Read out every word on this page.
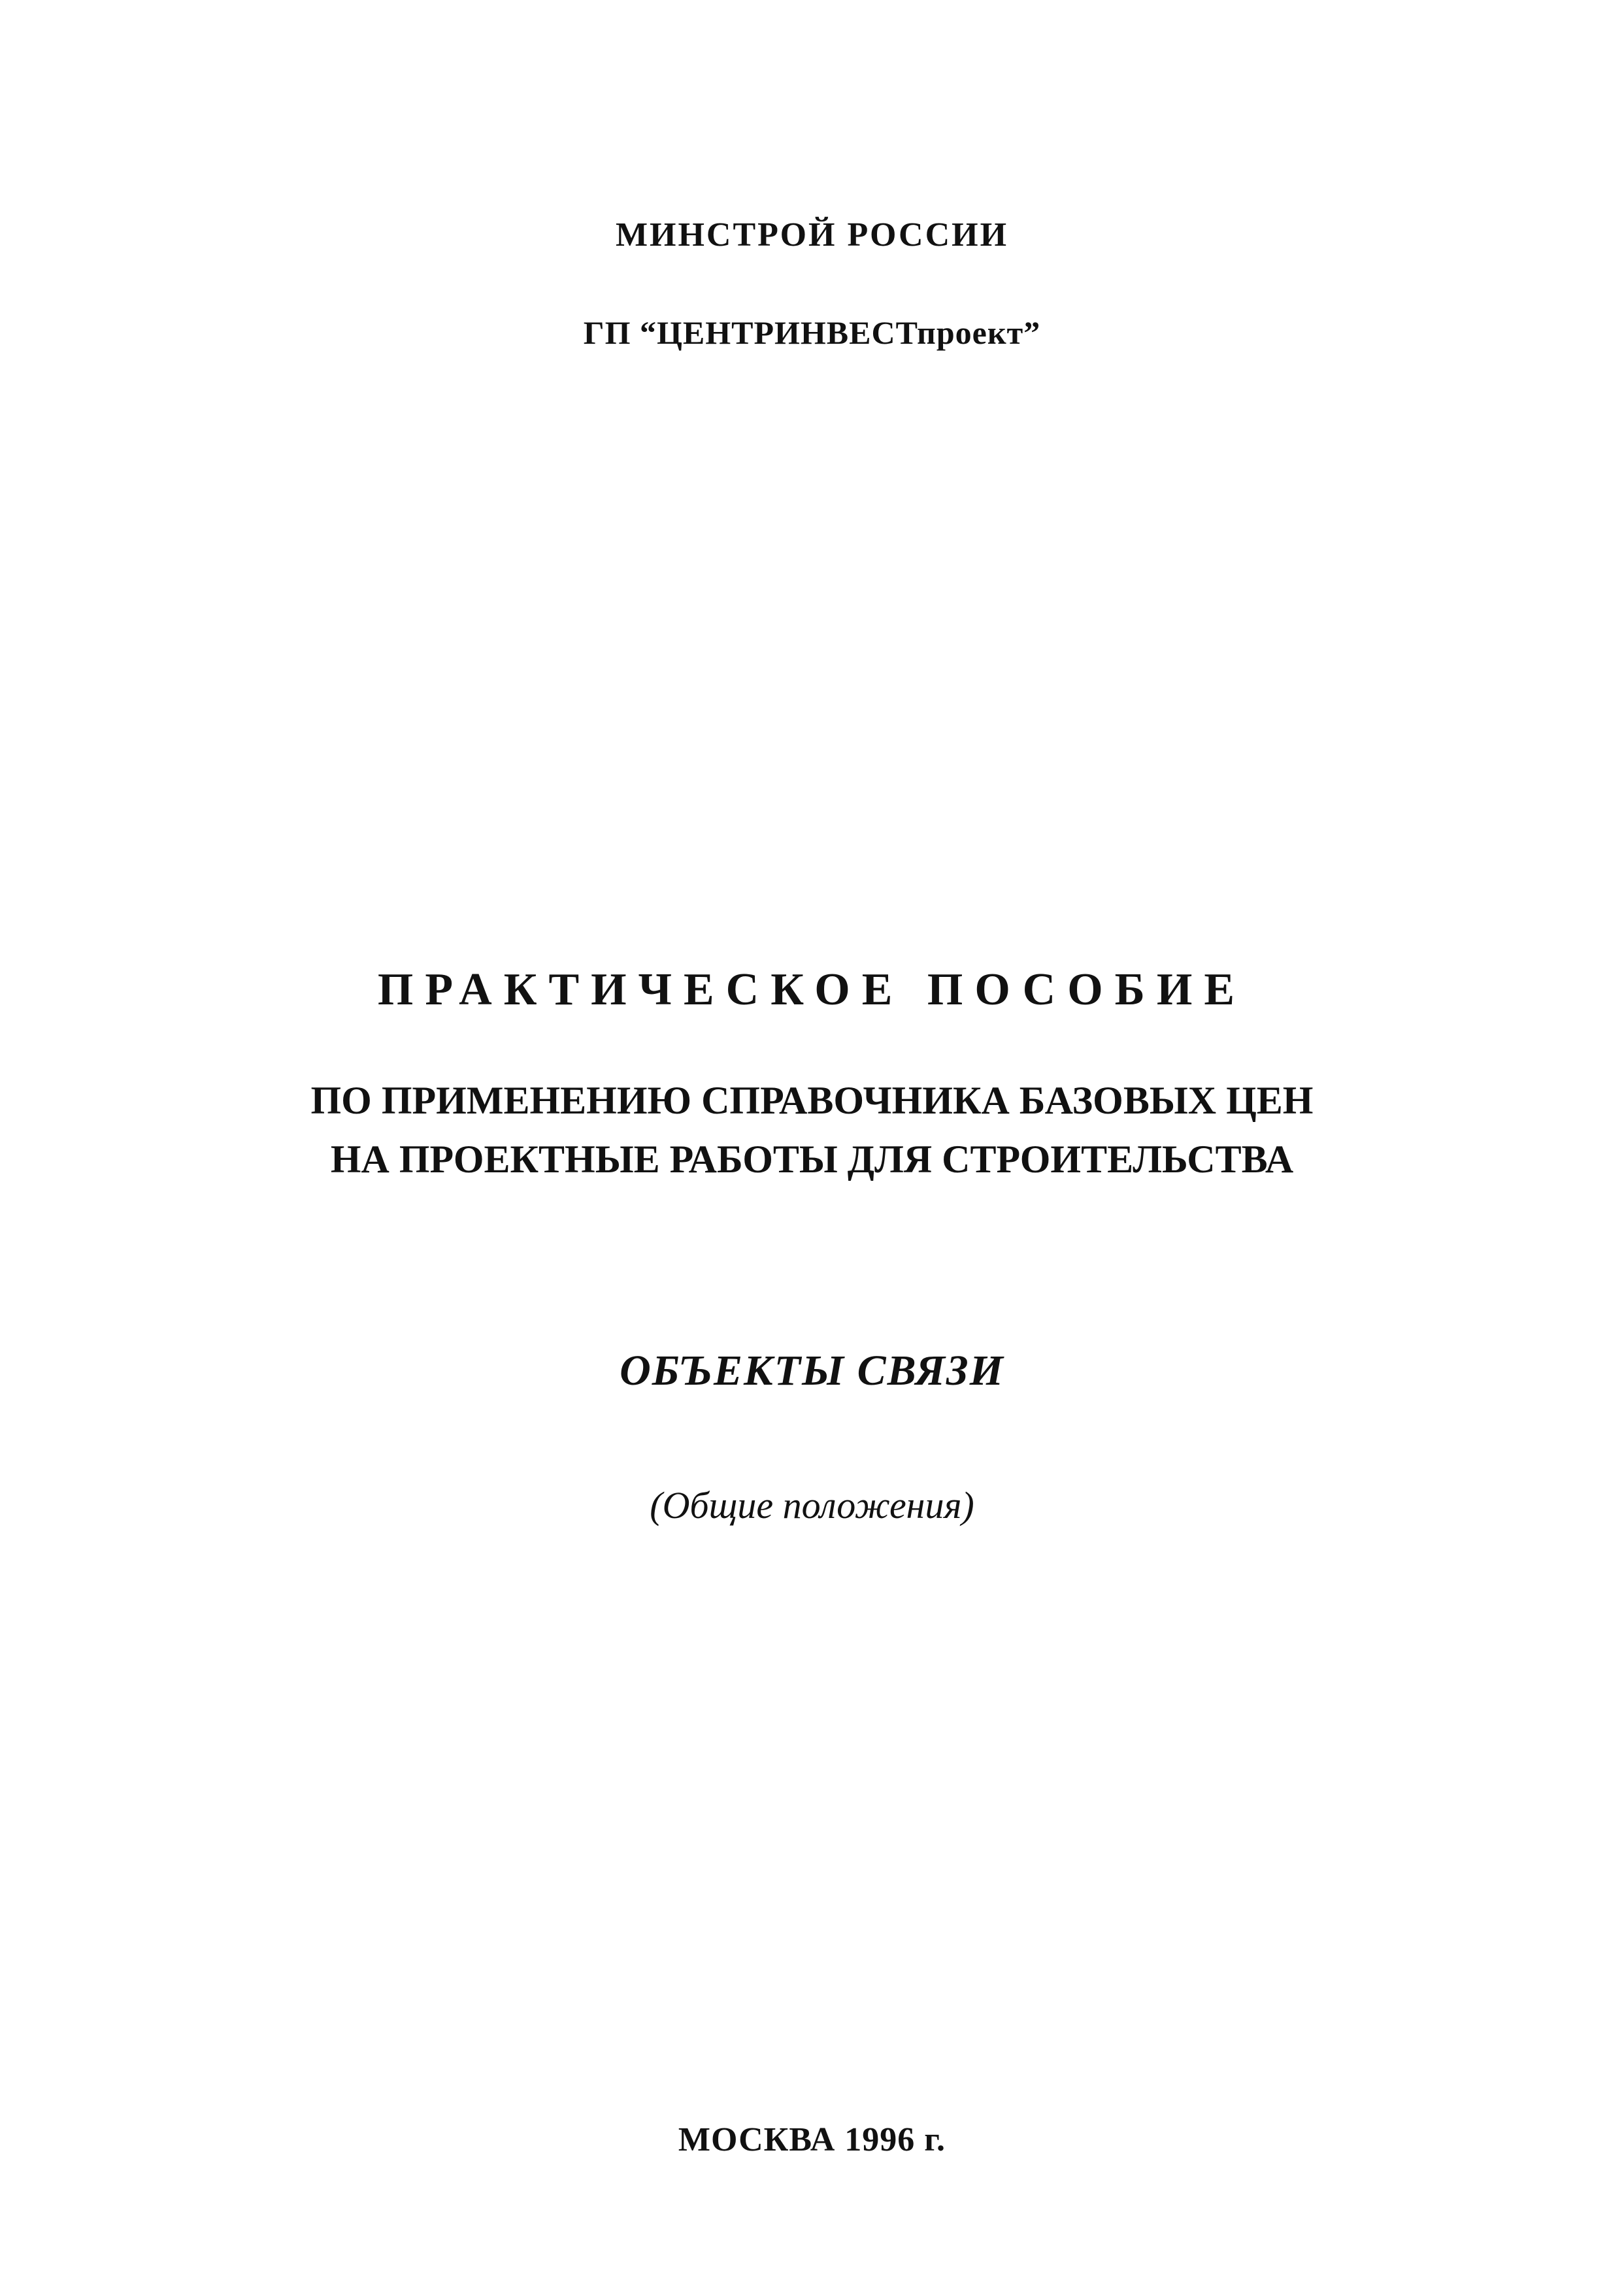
МИНСТРОЙ РОССИИ
ГП “ЦЕНТРИНВЕСТпроект”
ПРАКТИЧЕСКОЕ ПОСОБИЕ
ПО ПРИМЕНЕНИЮ СПРАВОЧНИКА БАЗОВЫХ ЦЕН
НА ПРОЕКТНЫЕ РАБОТЫ ДЛЯ СТРОИТЕЛЬСТВА
ОБЪЕКТЫ СВЯЗИ
(Общие положения)
МОСКВА 1996 г.
